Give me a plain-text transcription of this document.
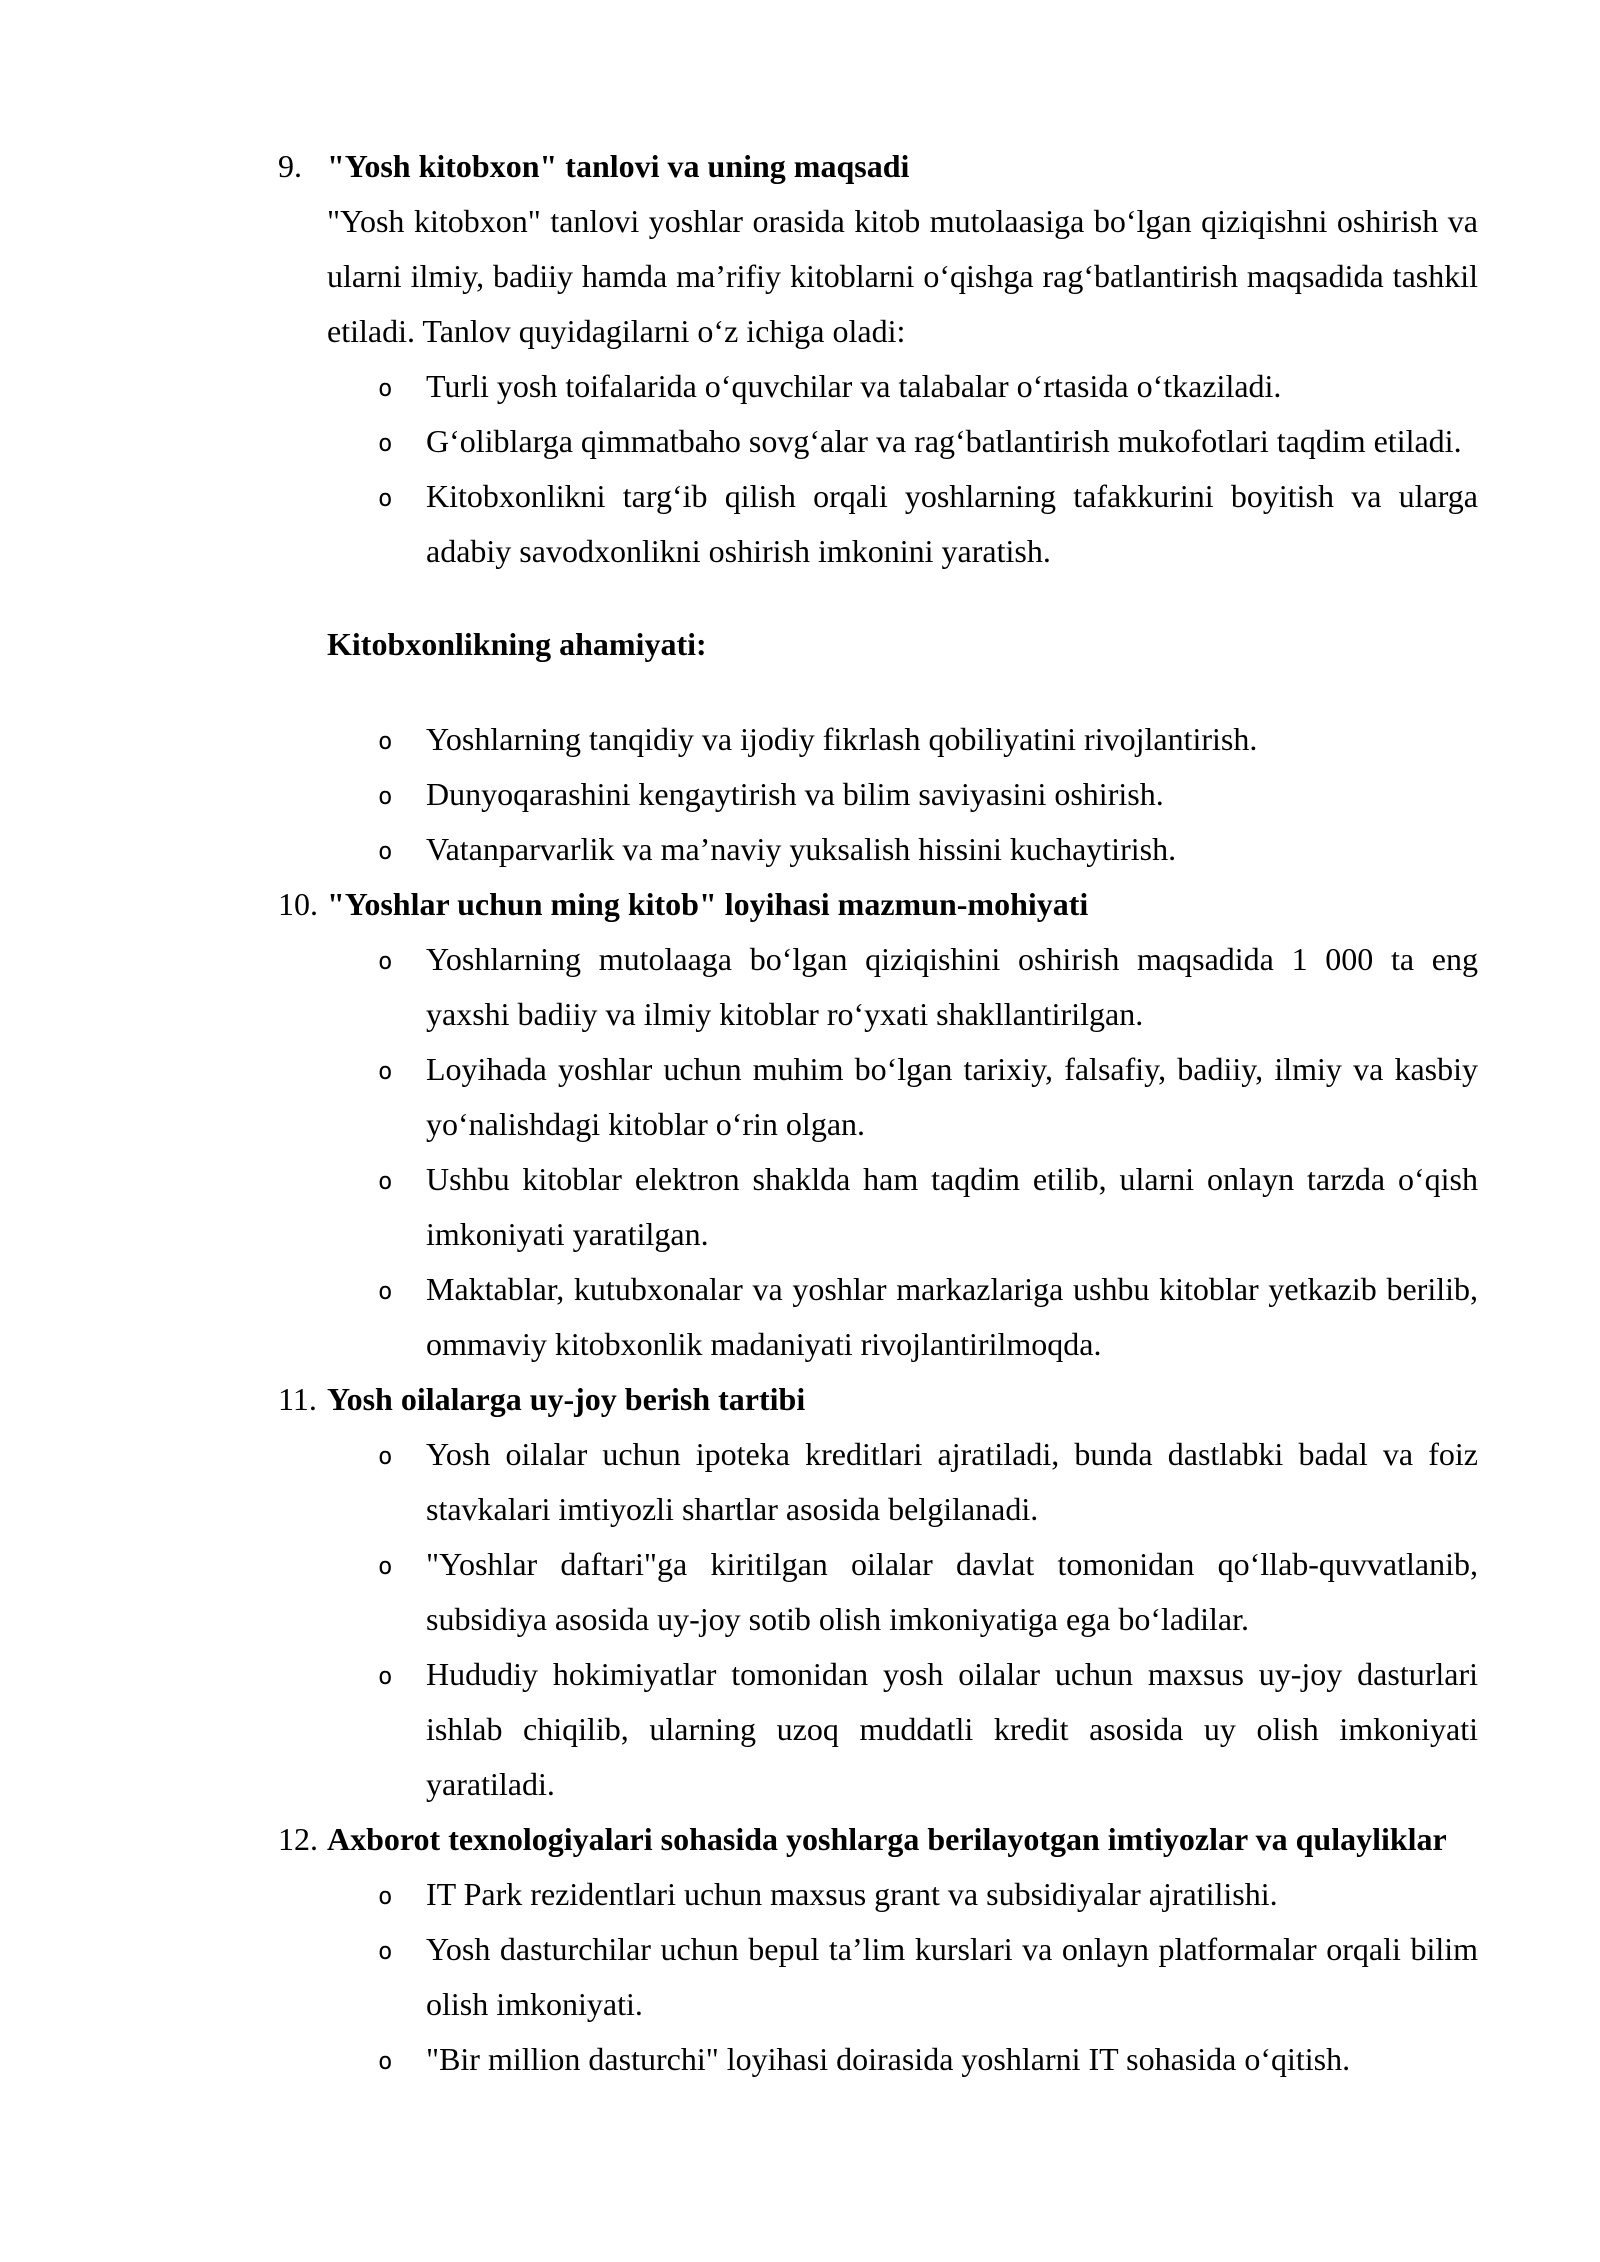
9. "Yosh kitobxon" tanlovi va uning maqsadi
"Yosh kitobxon" tanlovi yoshlar orasida kitob mutolaasiga bo‘lgan qiziqishni oshirish va ularni ilmiy, badiiy hamda ma’rifiy kitoblarni o‘qishga rag‘batlantirish maqsadida tashkil etiladi. Tanlov quyidagilarni o‘z ichiga oladi:
o Turli yosh toifalarida o‘quvchilar va talabalar o‘rtasida o‘tkaziladi.
o G‘oliblarga qimmatbaho sovg‘alar va rag‘batlantirish mukofotlari taqdim etiladi.
o Kitobxonlikni targ‘ib qilish orqali yoshlarning tafakkurini boyitish va ularga adabiy savodxonlikni oshirish imkonini yaratish.
Kitobxonlikning ahamiyati:
o Yoshlarning tanqidiy va ijodiy fikrlash qobiliyatini rivojlantirish.
o Dunyoqarashini kengaytirish va bilim saviyasini oshirish.
o Vatanparvarlik va ma’naviy yuksalish hissini kuchaytirish.
10. "Yoshlar uchun ming kitob" loyihasi mazmun-mohiyati
o Yoshlarning mutolaaga bo‘lgan qiziqishini oshirish maqsadida 1 000 ta eng yaxshi badiiy va ilmiy kitoblar ro‘yxati shakllantirilgan.
o Loyihada yoshlar uchun muhim bo‘lgan tarixiy, falsafiy, badiiy, ilmiy va kasbiy yo‘nalishdagi kitoblar o‘rin olgan.
o Ushbu kitoblar elektron shaklda ham taqdim etilib, ularni onlayn tarzda o‘qish imkoniyati yaratilgan.
o Maktablar, kutubxonalar va yoshlar markazlariga ushbu kitoblar yetkazib berilib, ommaviy kitobxonlik madaniyati rivojlantirilmoqda.
11. Yosh oilalarga uy-joy berish tartibi
o Yosh oilalar uchun ipoteka kreditlari ajratiladi, bunda dastlabki badal va foiz stavkalari imtiyozli shartlar asosida belgilanadi.
o "Yoshlar daftari"ga kiritilgan oilalar davlat tomonidan qo‘llab-quvvatlanib, subsidiya asosida uy-joy sotib olish imkoniyatiga ega bo‘ladilar.
o Hududiy hokimiyatlar tomonidan yosh oilalar uchun maxsus uy-joy dasturlari ishlab chiqilib, ularning uzoq muddatli kredit asosida uy olish imkoniyati yaratiladi.
12. Axborot texnologiyalari sohasida yoshlarga berilayotgan imtiyozlar va qulayliklar
o IT Park rezidentlari uchun maxsus grant va subsidiyalar ajratilishi.
o Yosh dasturchilar uchun bepul ta’lim kurslari va onlayn platformalar orqali bilim olish imkoniyati.
o "Bir million dasturchi" loyihasi doirasida yoshlarni IT sohasida o‘qitish.
